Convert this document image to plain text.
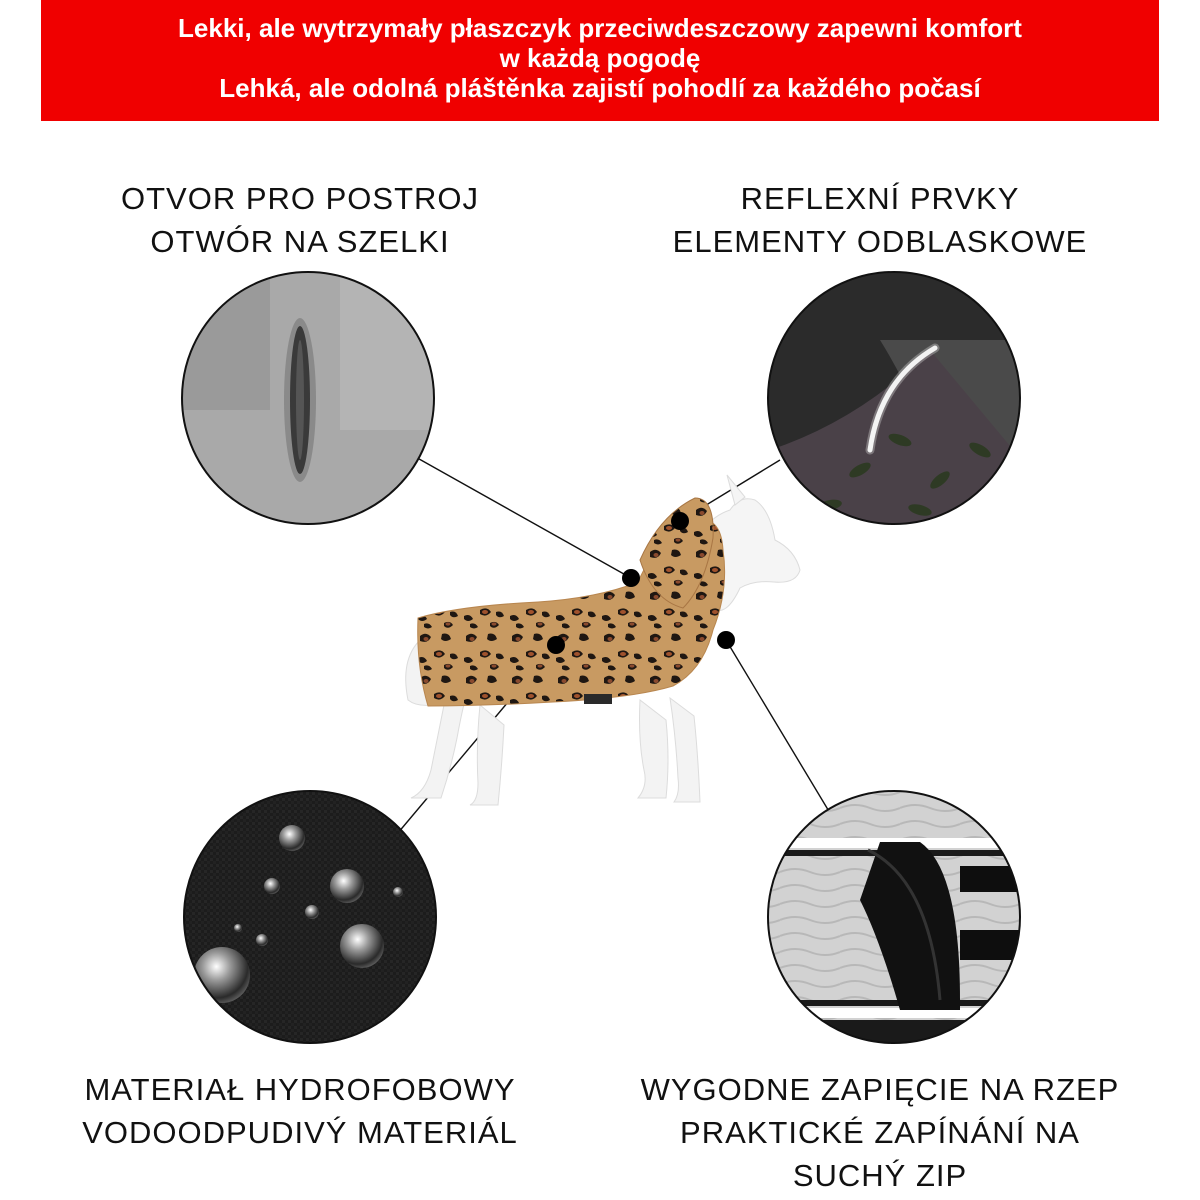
Lekki, ale wytrzymały płaszczyk przeciwdeszczowy zapewni komfort
w każdą pogodę
Lehká, ale odolná pláštěnka zajistí pohodlí za každého počasí
OTVOR PRO POSTROJ
OTWÓR NA SZELKI
REFLEXNÍ PRVKY
ELEMENTY ODBLASKOWE
MATERIAŁ HYDROFOBOWY
VODOODPUDIVÝ MATERIÁL
WYGODNE ZAPIĘCIE NA RZEP
PRAKTICKÉ ZAPÍNÁNÍ NA
SUCHÝ ZIP
